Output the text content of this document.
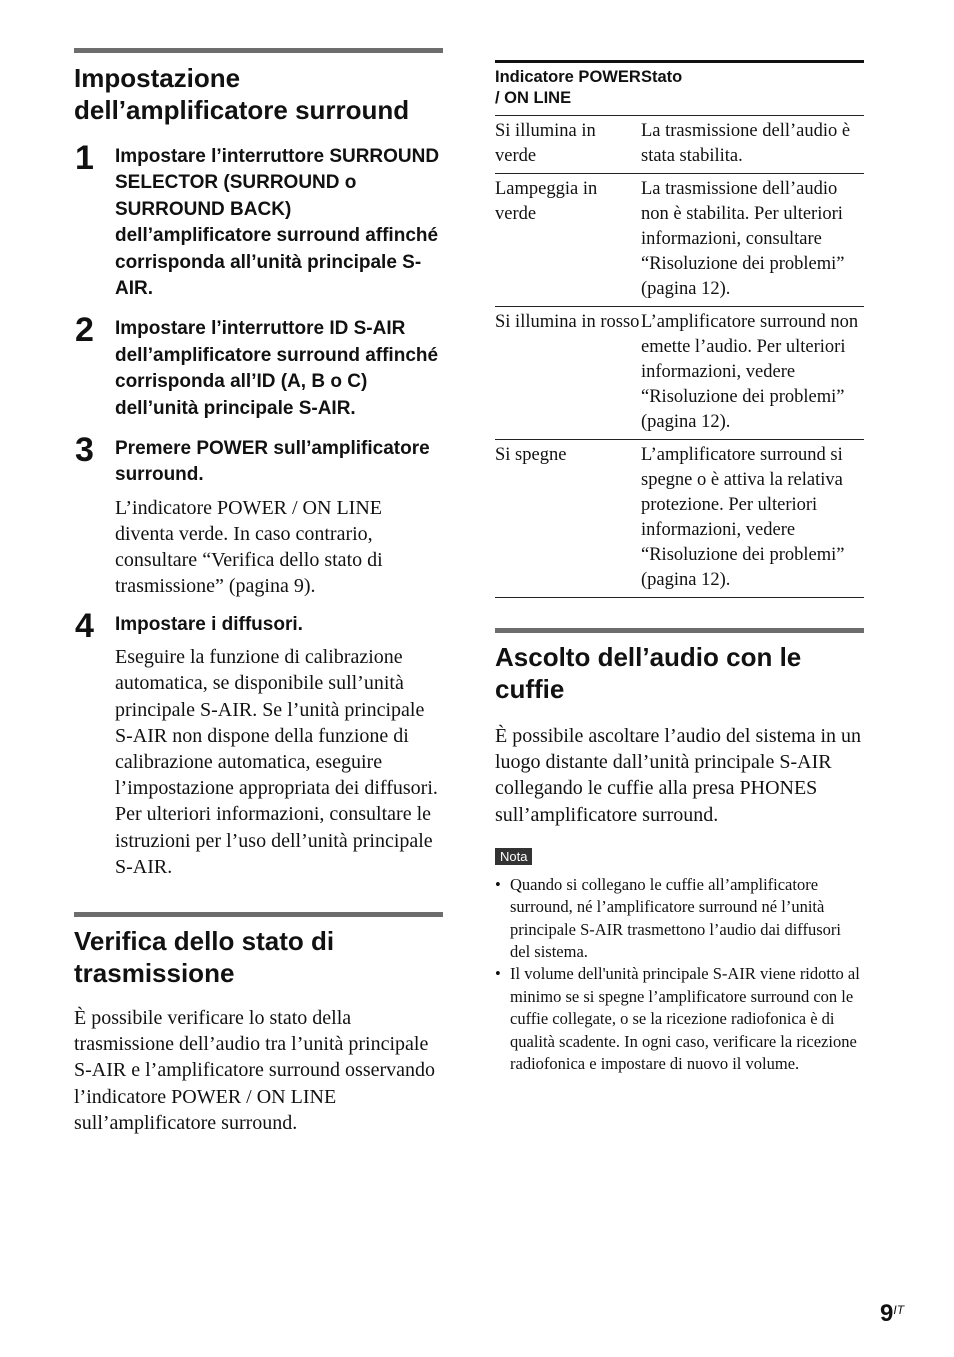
Impostazione dell’amplificatore surround
1 Impostare l’interruttore SURROUND SELECTOR (SURROUND o SURROUND BACK) dell’amplificatore surround affinché corrisponda all’unità principale S-AIR.
2 Impostare l’interruttore ID S-AIR dell’amplificatore surround affinché corrisponda all’ID (A, B o C) dell’unità principale S-AIR.
3 Premere POWER sull’amplificatore surround.
L’indicatore POWER / ON LINE diventa verde. In caso contrario, consultare “Verifica dello stato di trasmissione” (pagina 9).
4 Impostare i diffusori.
Eseguire la funzione di calibrazione automatica, se disponibile sull’unità principale S-AIR. Se l’unità principale S-AIR non dispone della funzione di calibrazione automatica, eseguire l’impostazione appropriata dei diffusori. Per ulteriori informazioni, consultare le istruzioni per l’uso dell’unità principale S-AIR.
Verifica dello stato di trasmissione
È possibile verificare lo stato della trasmissione dell’audio tra l’unità principale S-AIR e l’amplificatore surround osservando l’indicatore POWER / ON LINE sull’amplificatore surround.
Indicatore POWER / ON LINE	Stato
Si illumina in verde	La trasmissione dell’audio è stata stabilita.
Lampeggia in verde	La trasmissione dell’audio non è stabilita. Per ulteriori informazioni, consultare “Risoluzione dei problemi” (pagina 12).
Si illumina in rosso	L’amplificatore surround non emette l’audio. Per ulteriori informazioni, vedere “Risoluzione dei problemi” (pagina 12).
Si spegne	L’amplificatore surround si spegne o è attiva la relativa protezione. Per ulteriori informazioni, vedere “Risoluzione dei problemi” (pagina 12).
Ascolto dell’audio con le cuffie
È possibile ascoltare l’audio del sistema in un luogo distante dall’unità principale S-AIR collegando le cuffie alla presa PHONES sull’amplificatore surround.
Nota
• Quando si collegano le cuffie all’amplificatore surround, né l’amplificatore surround né l’unità principale S-AIR trasmettono l’audio dai diffusori del sistema.
• Il volume dell'unità principale S-AIR viene ridotto al minimo se si spegne l’amplificatore surround con le cuffie collegate, o se la ricezione radiofonica è di qualità scadente. In ogni caso, verificare la ricezione radiofonica e impostare di nuovo il volume.
$9^{IT}$
